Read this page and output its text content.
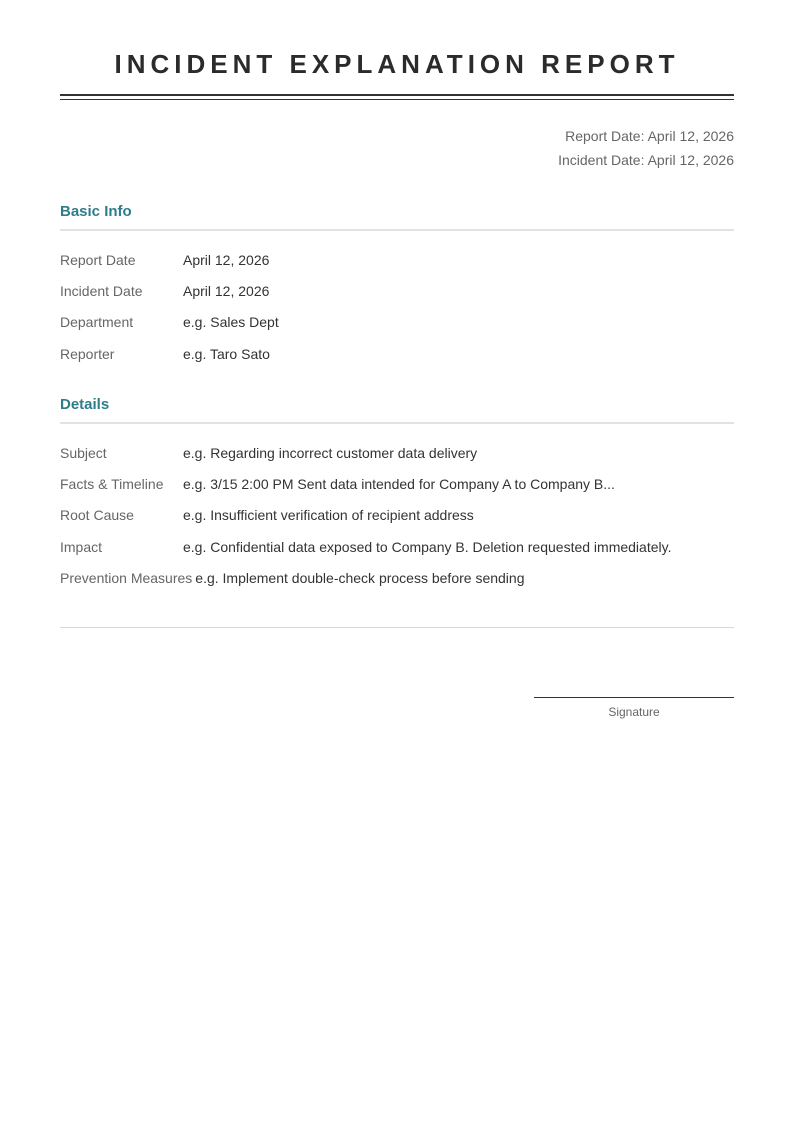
INCIDENT EXPLANATION REPORT
Report Date: April 12, 2026
Incident Date: April 12, 2026
Basic Info
Report Date	April 12, 2026
Incident Date	April 12, 2026
Department	e.g. Sales Dept
Reporter	e.g. Taro Sato
Details
Subject	e.g. Regarding incorrect customer data delivery
Facts & Timeline	e.g. 3/15 2:00 PM Sent data intended for Company A to Company B...
Root Cause	e.g. Insufficient verification of recipient address
Impact	e.g. Confidential data exposed to Company B. Deletion requested immediately.
Prevention Measures e.g. Implement double-check process before sending
Signature
